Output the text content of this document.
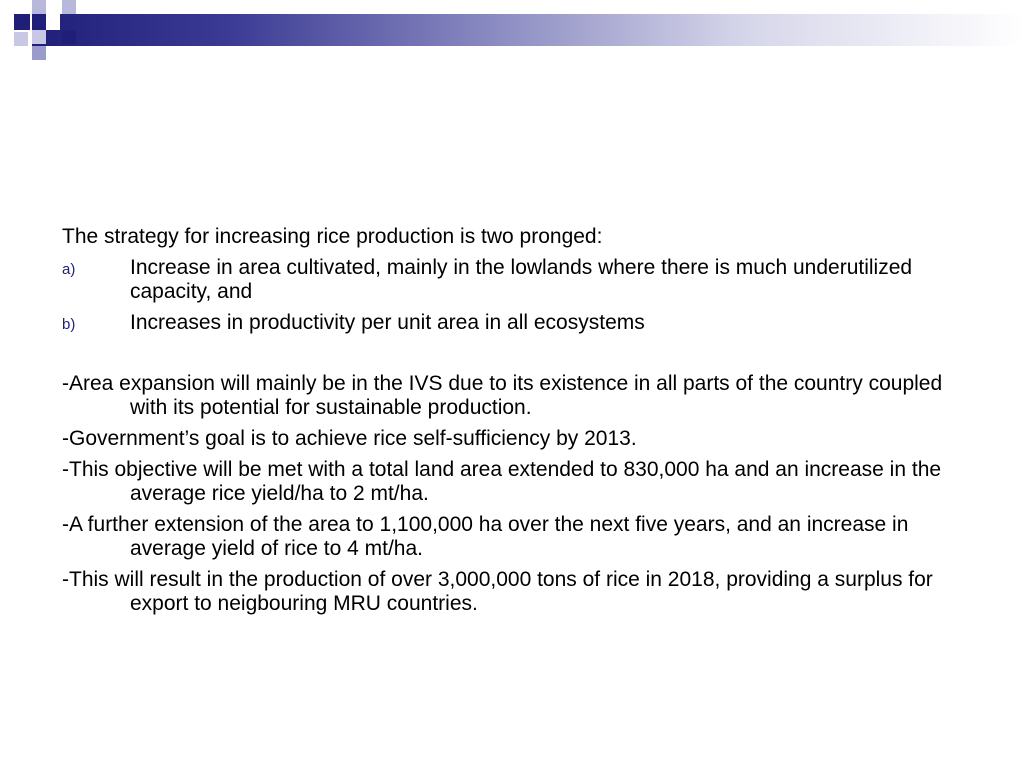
The strategy for increasing rice production is two pronged:

a)	Increase in area cultivated, mainly in the lowlands where there is much underutilized capacity, and
b)	Increases in productivity per unit area in all ecosystems

-Area expansion will mainly be in the IVS due to its existence in all parts of the country coupled with its potential for sustainable production.

-Government’s goal is to achieve rice self-sufficiency by 2013.

-This objective will be met with a total land area extended to 830,000 ha and an increase in the average rice yield/ha to 2 mt/ha.

-A further extension of the area to 1,100,000 ha over the next five years, and an increase in average yield of rice to 4 mt/ha.

-This will result in the production of over 3,000,000 tons of rice in 2018, providing a surplus for export to neigbouring MRU countries.
